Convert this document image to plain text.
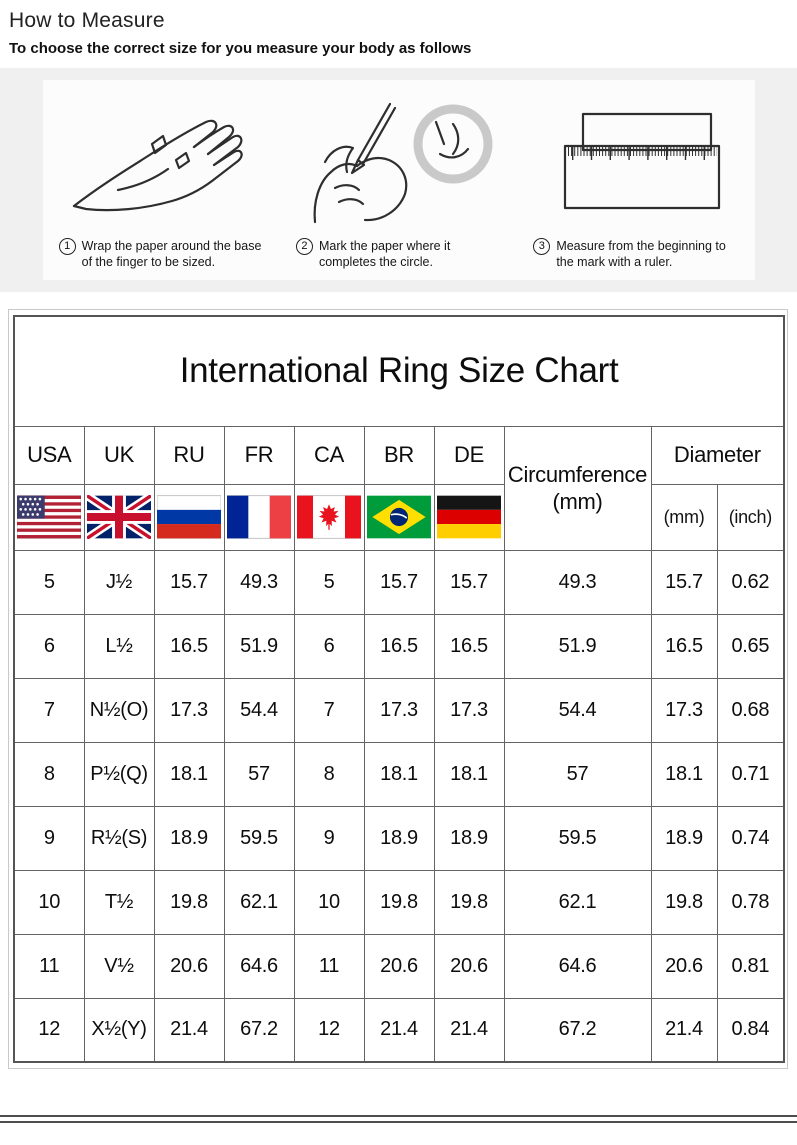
How to Measure
To choose the correct size for you measure your body as follows
1 Wrap the paper around the base of the finger to be sized.
2 Mark the paper where it completes the circle.
3 Measure from the beginning to the mark with a ruler.
International Ring Size Chart									
USA	UK	RU	FR	CA	BR	DE	Circumference
(mm)	Diameter	

	(mm)	(inch)
5	J½	15.7	49.3	5	15.7	15.7	49.3	15.7	0.62
6	L½	16.5	51.9	6	16.5	16.5	51.9	16.5	0.65
7	N½(O)	17.3	54.4	7	17.3	17.3	54.4	17.3	0.68
8	P½(Q)	18.1	57	8	18.1	18.1	57	18.1	0.71
9	R½(S)	18.9	59.5	9	18.9	18.9	59.5	18.9	0.74
10	T½	19.8	62.1	10	19.8	19.8	62.1	19.8	0.78
11	V½	20.6	64.6	11	20.6	20.6	64.6	20.6	0.81
12	X½(Y)	21.4	67.2	12	21.4	21.4	67.2	21.4	0.84
